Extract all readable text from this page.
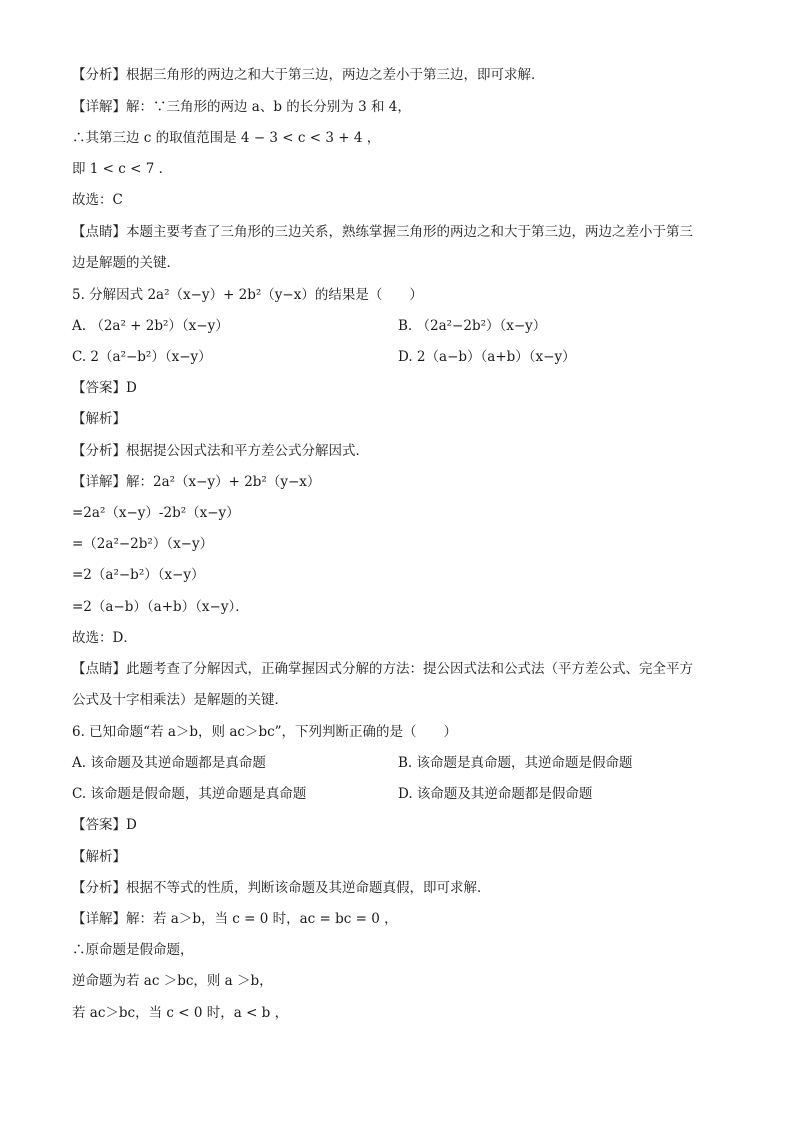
【分析】根据三角形的两边之和大于第三边，两边之差小于第三边，即可求解．
【详解】解：∵三角形的两边 a、b 的长分别为 3 和 4，
∴其第三边 c 的取值范围是 4 − 3 < c < 3 + 4 ，
即 1 < c < 7 ．
故选：C
【点睛】本题主要考查了三角形的三边关系，熟练掌握三角形的两边之和大于第三边，两边之差小于第三
边是解题的关键．
5. 分解因式 2a²（x−y）+ 2b²（y−x）的结果是（　　）
A. （2a² + 2b²）（x−y）	B. （2a²−2b²）（x−y）
C. 2（a²−b²）（x−y）	D. 2（a−b）（a+b）（x−y）
【答案】D
【解析】
【分析】根据提公因式法和平方差公式分解因式．
【详解】解：2a²（x−y）+ 2b²（y−x）
=2a²（x−y）-2b²（x−y）
=（2a²−2b²）（x−y）
=2（a²−b²）（x−y）
=2（a−b）（a+b）（x−y）．
故选：D．
【点睛】此题考查了分解因式，正确掌握因式分解的方法：提公因式法和公式法（平方差公式、完全平方
公式及十字相乘法）是解题的关键．
6. 已知命题“若 a＞b，则 ac＞bc”，下列判断正确的是（　　）
A. 该命题及其逆命题都是真命题	B. 该命题是真命题，其逆命题是假命题
C. 该命题是假命题，其逆命题是真命题	D. 该命题及其逆命题都是假命题
【答案】D
【解析】
【分析】根据不等式的性质，判断该命题及其逆命题真假，即可求解．
【详解】解：若 a＞b，当 c = 0 时，ac = bc = 0 ，
∴原命题是假命题，
逆命题为若 ac ＞bc，则 a ＞b，
若 ac＞bc，当 c < 0 时，a < b ，
